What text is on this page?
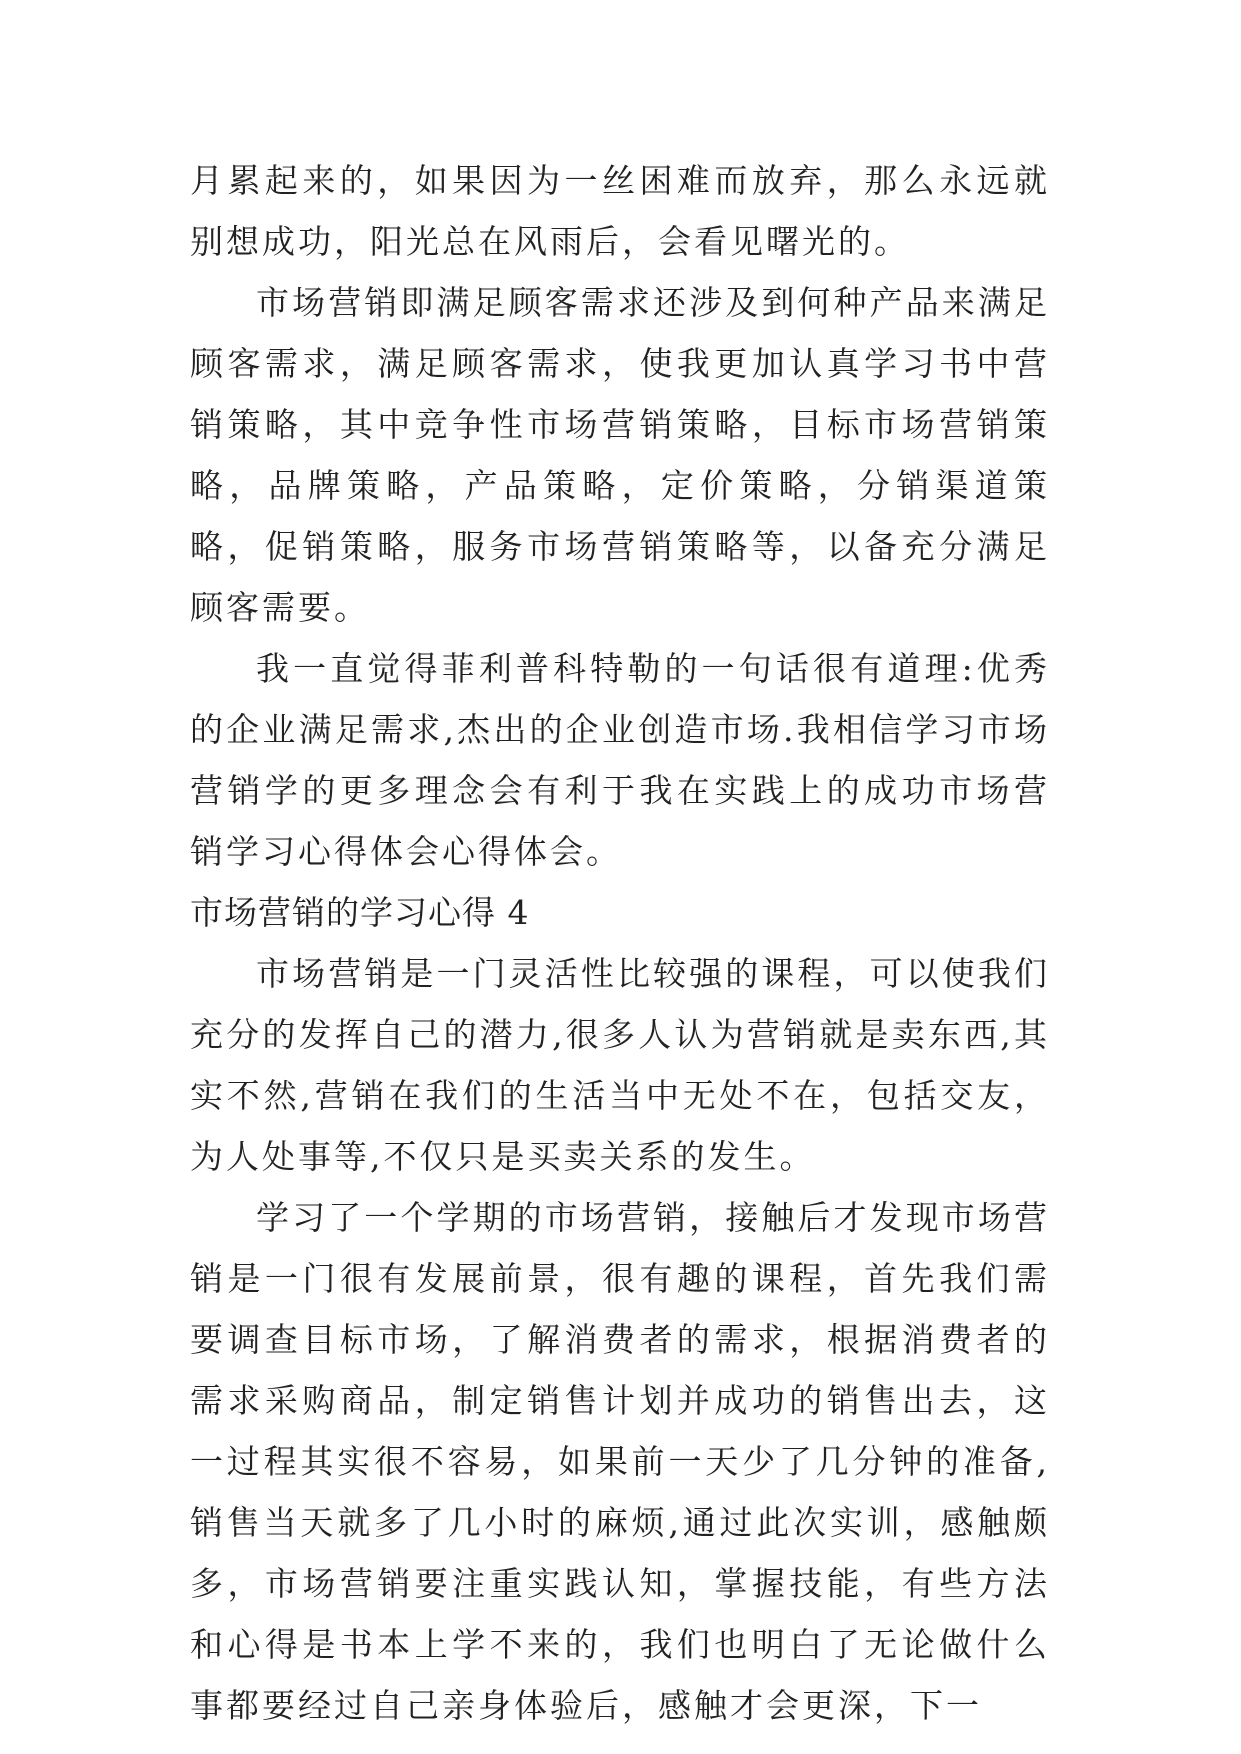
月累起来的，如果因为一丝困难而放弃，那么永远就别想成功，阳光总在风雨后，会看见曙光的。

市场营销即满足顾客需求还涉及到何种产品来满足顾客需求，满足顾客需求，使我更加认真学习书中营销策略，其中竞争性市场营销策略，目标市场营销策略，品牌策略，产品策略，定价策略，分销渠道策略，促销策略，服务市场营销策略等，以备充分满足顾客需要。

我一直觉得菲利普科特勒的一句话很有道理:优秀的企业满足需求,杰出的企业创造市场.我相信学习市场营销学的更多理念会有利于我在实践上的成功市场营销学习心得体会心得体会。

市场营销的学习心得 4

市场营销是一门灵活性比较强的课程，可以使我们充分的发挥自己的潜力,很多人认为营销就是卖东西,其实不然,营销在我们的生活当中无处不在，包括交友，为人处事等,不仅只是买卖关系的发生。

学习了一个学期的市场营销，接触后才发现市场营销是一门很有发展前景，很有趣的课程，首先我们需要调查目标市场，了解消费者的需求，根据消费者的需求采购商品，制定销售计划并成功的销售出去，这一过程其实很不容易，如果前一天少了几分钟的准备,销售当天就多了几小时的麻烦,通过此次实训，感触颇多，市场营销要注重实践认知，掌握技能，有些方法和心得是书本上学不来的，我们也明白了无论做什么事都要经过自己亲身体验后，感触才会更深，下一
